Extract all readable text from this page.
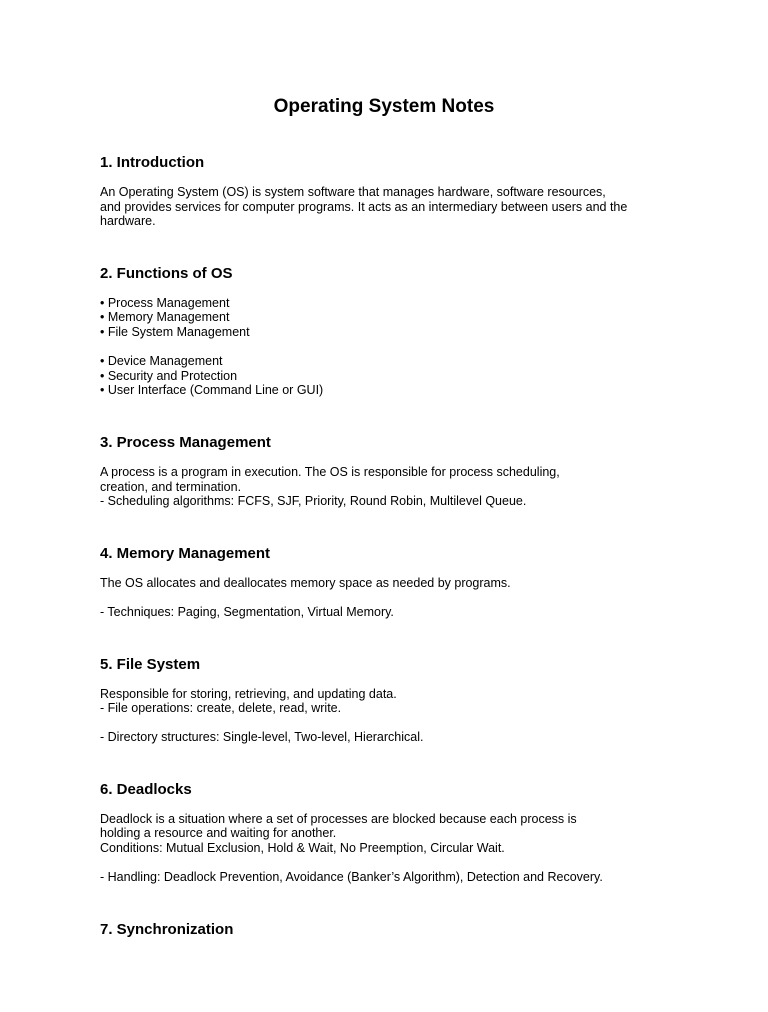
Operating System Notes
1. Introduction
An Operating System (OS) is system software that manages hardware, software resources,
and provides services for computer programs. It acts as an intermediary between users and the
hardware.
2. Functions of OS
• Process Management
• Memory Management
• File System Management
• Device Management
• Security and Protection
• User Interface (Command Line or GUI)
3. Process Management
A process is a program in execution. The OS is responsible for process scheduling,
creation, and termination.
- Scheduling algorithms: FCFS, SJF, Priority, Round Robin, Multilevel Queue.
4. Memory Management
The OS allocates and deallocates memory space as needed by programs.
- Techniques: Paging, Segmentation, Virtual Memory.
5. File System
Responsible for storing, retrieving, and updating data.
- File operations: create, delete, read, write.
- Directory structures: Single-level, Two-level, Hierarchical.
6. Deadlocks
Deadlock is a situation where a set of processes are blocked because each process is
holding a resource and waiting for another.
Conditions: Mutual Exclusion, Hold & Wait, No Preemption, Circular Wait.
- Handling: Deadlock Prevention, Avoidance (Banker’s Algorithm), Detection and Recovery.
7. Synchronization
